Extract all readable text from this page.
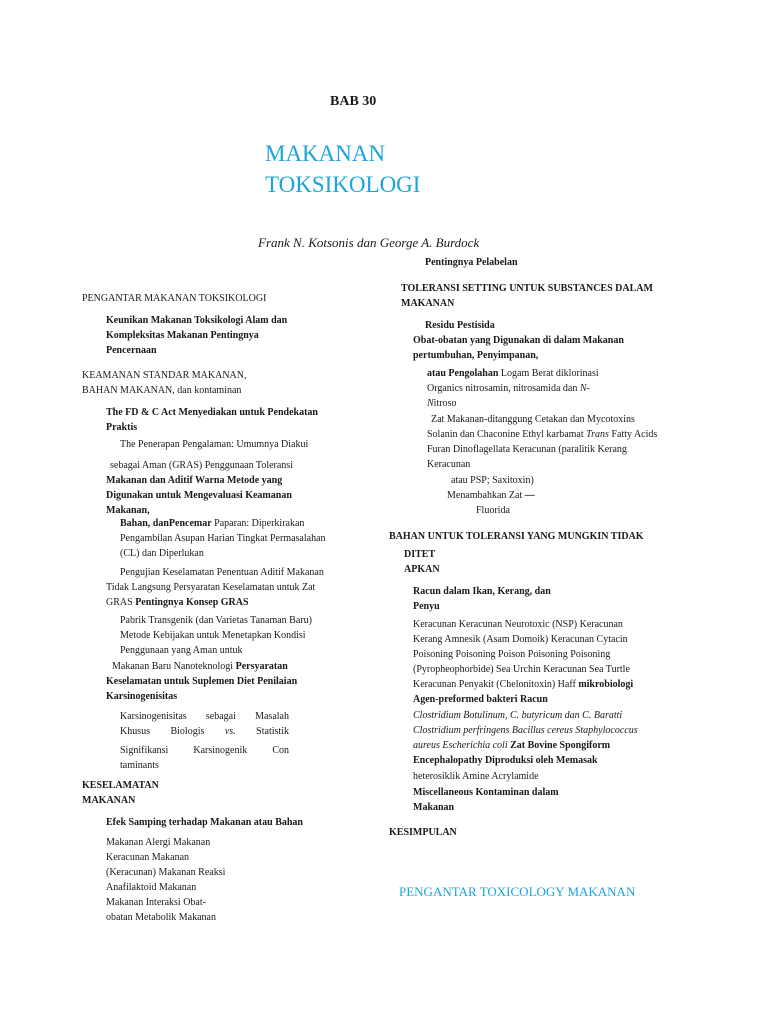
BAB 30
MAKANAN
TOKSIKOLOGI
Frank N. Kotsonis dan George A. Burdock
PENGANTAR MAKANAN TOKSIKOLOGI
Keunikan Makanan Toksikologi Alam dan
Kompleksitas Makanan Pentingnya
Pencernaan
KEAMANAN STANDAR MAKANAN,
BAHAN MAKANAN, dan kontaminan
The FD & C Act Menyediakan untuk Pendekatan
Praktis
The Penerapan Pengalaman: Umumnya Diakui
sebagai Aman (GRAS) Penggunaan Toleransi
Makanan dan Aditif Warna Metode yang
Digunakan untuk Mengevaluasi Keamanan
Makanan,
Bahan, danPencemar Paparan: Diperkirakan
Pengambilan Asupan Harian Tingkat Permasalahan
(CL) dan Diperlukan
Pengujian Keselamatan Penentuan Aditif Makanan
Tidak Langsung Persyaratan Keselamatan untuk Zat
GRAS Pentingnya Konsep GRAS
Pabrik Transgenik (dan Varietas Tanaman Baru)
Metode Kebijakan untuk Menetapkan Kondisi
Penggunaan yang Aman untuk
Makanan Baru Nanoteknologi Persyaratan
Keselamatan untuk Suplemen Diet Penilaian
Karsinogenisitas
Karsinogenisitas sebagai Masalah
Khusus Biologis vs. Statistik
Signifikansi	Karsinogenik	Con
taminants
KESELAMATAN
MAKANAN
Efek Samping terhadap Makanan atau Bahan
Makanan Alergi Makanan
Keracunan Makanan
(Keracunan) Makanan Reaksi
Anafilaktoid Makanan
Makanan Interaksi Obat-
obatan Metabolik Makanan
Pentingnya Pelabelan
TOLERANSI SETTING UNTUK SUBSTANCES DALAM
MAKANAN
Residu Pestisida
Obat-obatan yang Digunakan di dalam Makanan
pertumbuhan, Penyimpanan,
atau Pengolahan Logam Berat diklorinasi
Organics nitrosamin, nitrosamida dan N-
Nitroso
Zat Makanan-ditanggung Cetakan dan Mycotoxins
Solanin dan Chaconine Ethyl karbamat Trans Fatty Acids
Furan Dinoflagellata Keracunan (paralitik Kerang
Keracunan
atau PSP; Saxitoxin)
Menambahkan Zat —
Fluorida
BAHAN UNTUK TOLERANSI YANG MUNGKIN TIDAK
DITET
APKAN
Racun dalam Ikan, Kerang, dan
Penyu
Keracunan Keracunan Neurotoxic (NSP) Keracunan
Kerang Amnesik (Asam Domoik) Keracunan Cytacin
Poisoning Poisoning Poison Poisoning Poisoning
(Pyropheophorbide) Sea Urchin Keracunan Sea Turtle
Keracunan Penyakit (Chelonitoxin) Haff mikrobiologi
Agen-preformed bakteri Racun
Clostridium Botulinum, C. butyricum dan C. Baratti
Clostridium perfringens Bacillus cereus Staphylococcus
aureus Escherichia coli Zat Bovine Spongiform
Encephalopathy Diproduksi oleh Memasak
heterosiklik Amine Acrylamide
Miscellaneous Kontaminan dalam
Makanan
KESIMPULAN
PENGANTAR TOXICOLOGY MAKANAN
